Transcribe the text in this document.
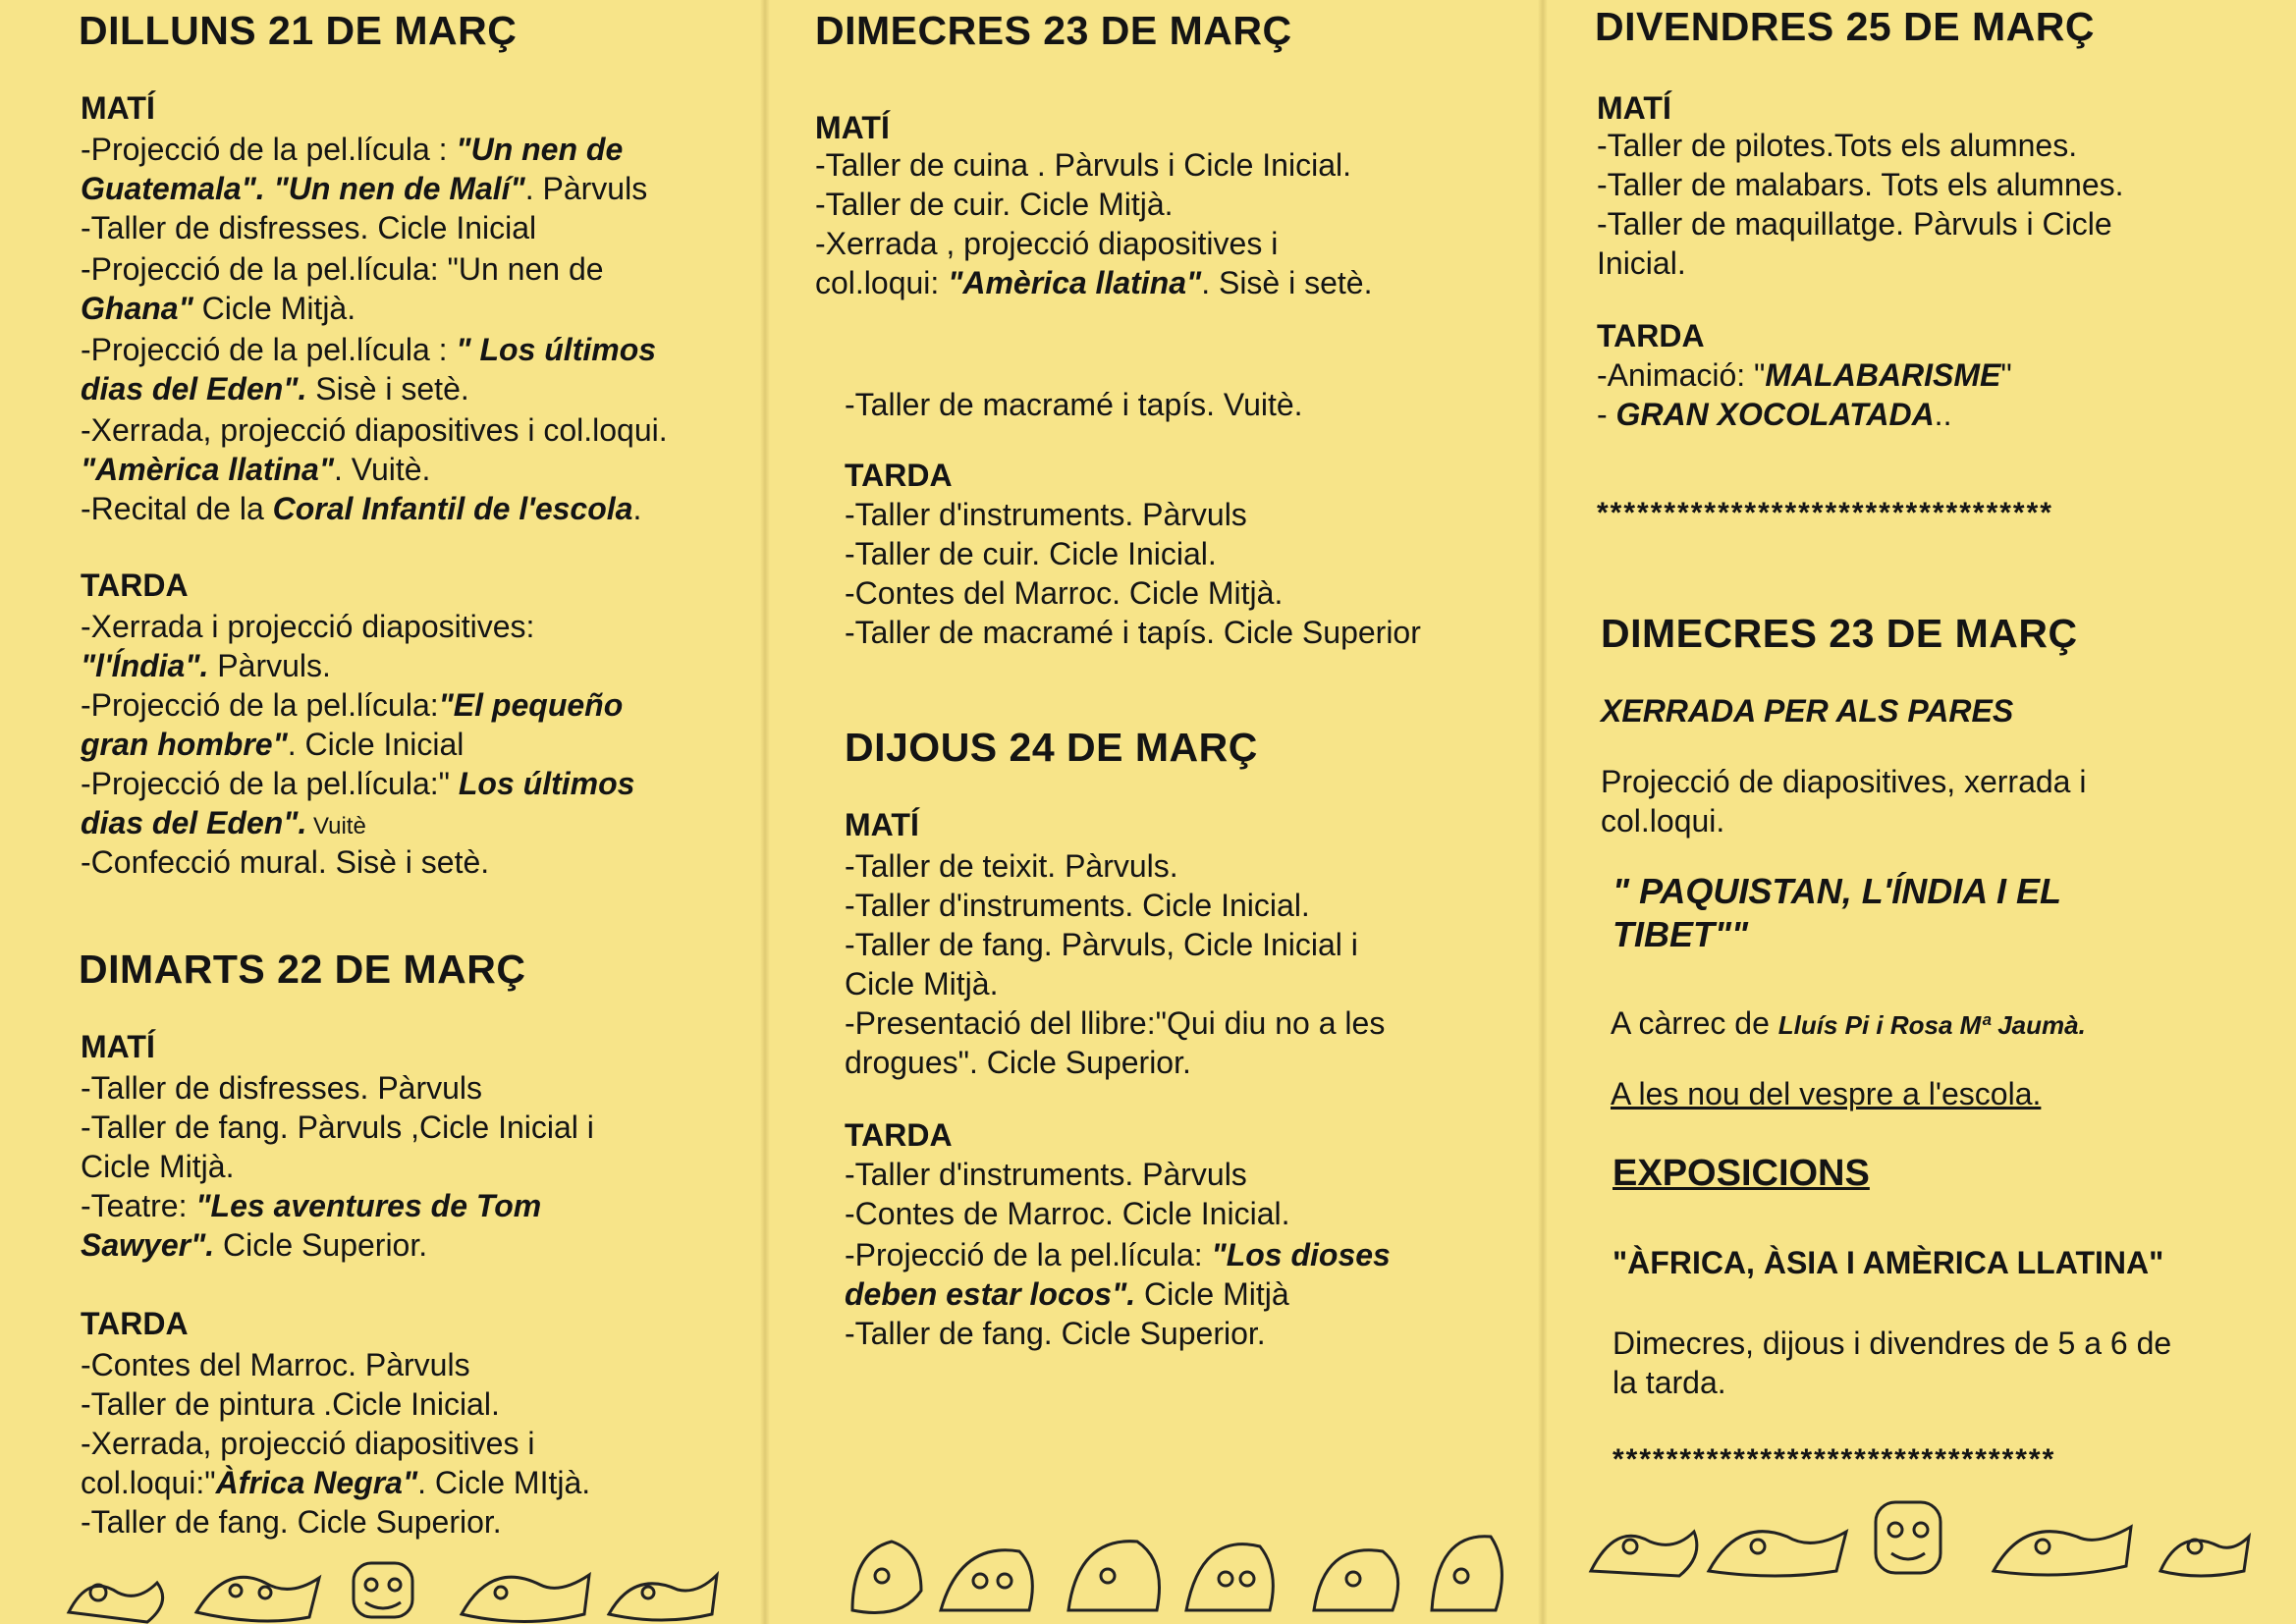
DILLUNS 21 DE MARÇ
MATÍ

-Projecció de la pel.lícula : "Un nen de

Guatemala". "Un nen de Malí". Pàrvuls

-Taller de disfresses. Cicle Inicial

-Projecció de la pel.lícula: "Un nen de

Ghana" Cicle Mitjà.

-Projecció de la pel.lícula : " Los últimos

dias del Eden". Sisè i setè.

-Xerrada, projecció diapositives i col.loqui.

"Amèrica llatina". Vuitè.

-Recital de la Coral Infantil de l'escola.

TARDA

-Xerrada i projecció diapositives:

"l'Índia". Pàrvuls.

-Projecció de la pel.lícula:"El pequeño

gran hombre". Cicle Inicial

-Projecció de la pel.lícula:" Los últimos

dias del Eden". Vuitè

-Confecció mural. Sisè i setè.

DIMARTS 22 DE MARÇ
MATÍ

-Taller de disfresses. Pàrvuls

-Taller de fang. Pàrvuls ,Cicle Inicial i

Cicle Mitjà.

-Teatre: "Les aventures de Tom

Sawyer". Cicle Superior.

TARDA

-Contes del Marroc. Pàrvuls

-Taller de pintura .Cicle Inicial.

-Xerrada, projecció diapositives i

col.loqui:"Àfrica Negra". Cicle MItjà.

-Taller de fang. Cicle Superior.

DIMECRES 23 DE MARÇ
MATÍ

-Taller de cuina . Pàrvuls i Cicle Inicial.

-Taller de cuir. Cicle Mitjà.

-Xerrada , projecció diapositives i

col.loqui: "Amèrica llatina". Sisè i setè.

-Taller de macramé i tapís. Vuitè.

TARDA

-Taller d'instruments. Pàrvuls

-Taller de cuir. Cicle Inicial.

-Contes del Marroc. Cicle Mitjà.

-Taller de macramé i tapís. Cicle Superior

DIJOUS 24 DE MARÇ
MATÍ

-Taller de teixit. Pàrvuls.

-Taller d'instruments. Cicle Inicial.

-Taller de fang. Pàrvuls, Cicle Inicial i

Cicle Mitjà.

-Presentació del llibre:"Qui diu no a les

drogues". Cicle Superior.

TARDA

-Taller d'instruments. Pàrvuls

-Contes de Marroc. Cicle Inicial.

-Projecció de la pel.lícula: "Los dioses

deben estar locos". Cicle Mitjà

-Taller de fang. Cicle Superior.

DIVENDRES 25 DE MARÇ
MATÍ

-Taller de pilotes.Tots els alumnes.

-Taller de malabars. Tots els alumnes.

-Taller de maquillatge. Pàrvuls i Cicle

Inicial.

TARDA

-Animació: "MALABARISME"

- GRAN XOCOLATADA..

**********************************
DIMECRES 23 DE MARÇ

XERRADA PER ALS PARES

Projecció de diapositives, xerrada i

col.loqui.

" PAQUISTAN, L'ÍNDIA I EL

TIBET""

A càrrec de Lluís Pi i Rosa Mª Jaumà.

A les nou del vespre a l'escola.

EXPOSICIONS

"ÀFRICA, ÀSIA I AMÈRICA LLATINA"

Dimecres, dijous i divendres de 5 a 6 de

la tarda.

*********************************
